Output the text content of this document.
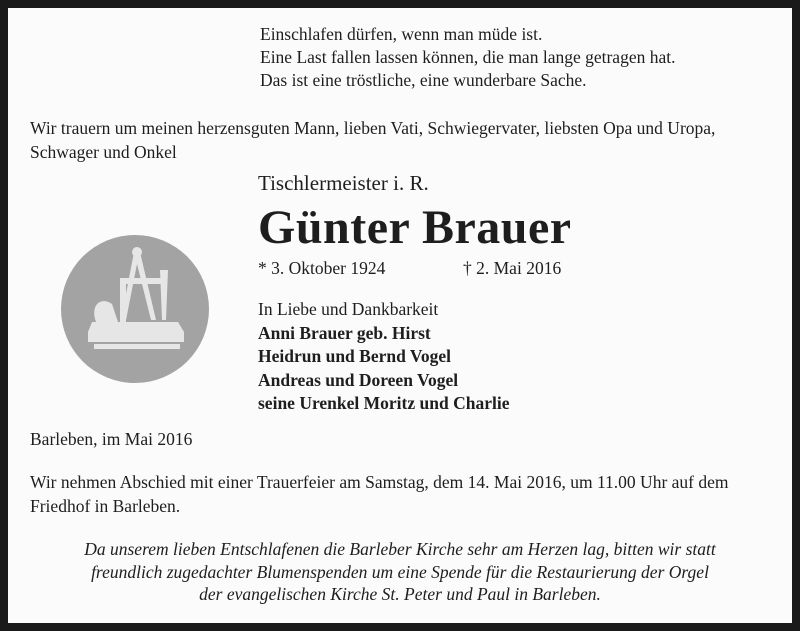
Einschlafen dürfen, wenn man müde ist.
Eine Last fallen lassen können, die man lange getragen hat.
Das ist eine tröstliche, eine wunderbare Sache.
Wir trauern um meinen herzensguten Mann, lieben Vati, Schwiegervater, liebsten Opa und Uropa, Schwager und Onkel
Tischlermeister i. R.
Günter Brauer
* 3. Oktober 1924	† 2. Mai 2016
In Liebe und Dankbarkeit
Anni Brauer geb. Hirst
Heidrun und Bernd Vogel
Andreas und Doreen Vogel
seine Urenkel Moritz und Charlie
Barleben, im Mai 2016
Wir nehmen Abschied mit einer Trauerfeier am Samstag, dem 14. Mai 2016, um 11.00 Uhr auf dem Friedhof in Barleben.
Da unserem lieben Entschlafenen die Barleber Kirche sehr am Herzen lag, bitten wir statt
freundlich zugedachter Blumenspenden um eine Spende für die Restaurierung der Orgel
der evangelischen Kirche St. Peter und Paul in Barleben.
